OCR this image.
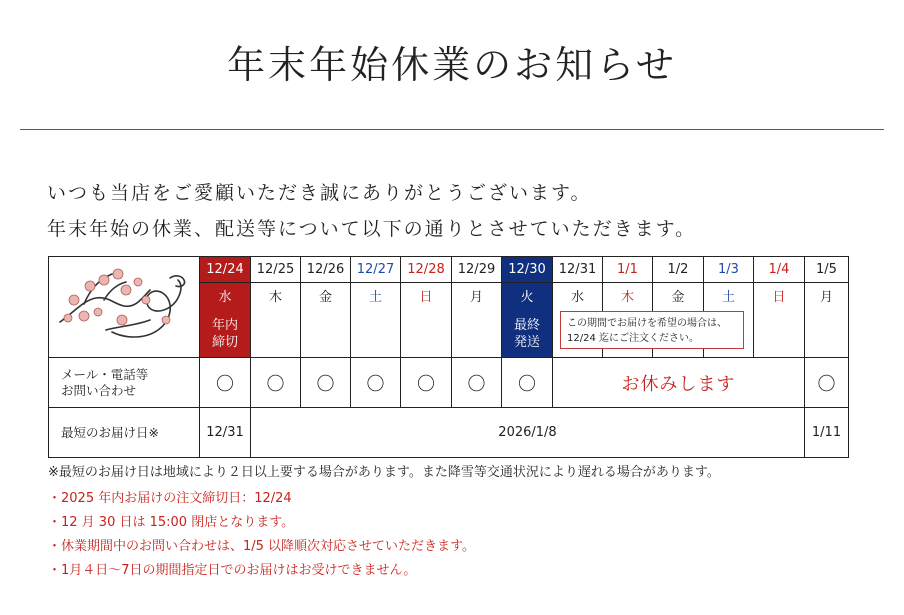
年末年始休業のお知らせ
いつも当店をご愛顧いただき誠にありがとうございます。
年末年始の休業、配送等について以下の通りとさせていただきます。
	12/24	12/25	12/26	12/27	12/28	12/29	12/30	12/31	1/1	1/2	1/3	1/4	1/5
	水	木	金	土	日	月	火	水	木	金	土	日	月

	年内締切						最終発送						

メール・電話等
お問い合わせ	〇	〇	〇	〇	〇	〇	〇	お休みします					〇
最短のお届け日※	12/31	2026/1/8											1/11
この期間でお届けを希望の場合は、
12/24 迄にご注文ください。
※最短のお届け日は地域により２日以上要する場合があります。また降雪等交通状況により遅れる場合があります。
・2025 年内お届けの注文締切日：12/24
・12 月 30 日は 15:00 閉店となります。
・休業期間中のお問い合わせは、1/5 以降順次対応させていただきます。
・1月４日〜7日の期間指定日でのお届けはお受けできません。
